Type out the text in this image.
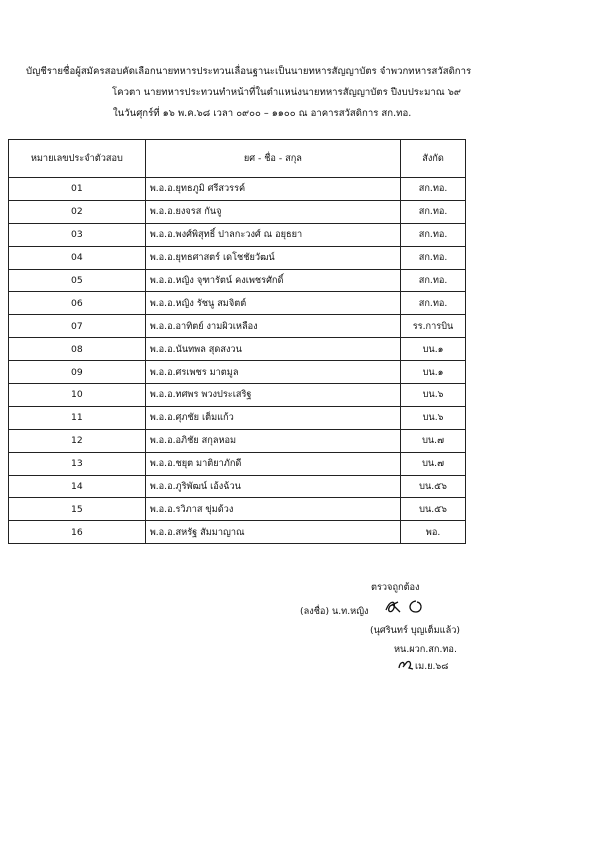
บัญชีรายชื่อผู้สมัครสอบคัดเลือกนายทหารประทวนเลื่อนฐานะเป็นนายทหารสัญญาบัตร จำพวกทหารสวัสดิการ
โควตา นายทหารประทวนทำหน้าที่ในตำแหน่งนายทหารสัญญาบัตร ปีงบประมาณ ๖๙
ในวันศุกร์ที่ ๑๖ พ.ค.๖๘ เวลา ๐๙๐๐ – ๑๑๐๐ ณ อาคารสวัสดิการ สก.ทอ.
หมายเลขประจำตัวสอบ	ยศ - ชื่อ - สกุล	สังกัด
01	พ.อ.อ.ยุทธภูมิ ศรีสวรรค์	สก.ทอ.
02	พ.อ.อ.ยงจรส กันจู	สก.ทอ.
03	พ.อ.อ.พงศ์พิสุทธิ์ ปาลกะวงศ์ ณ อยุธยา	สก.ทอ.
04	พ.อ.อ.ยุทธศาสตร์ เดโชชัยวัฒน์	สก.ทอ.
05	พ.อ.อ.หญิง จุฑารัตน์ คงเพชรศักดิ์	สก.ทอ.
06	พ.อ.อ.หญิง รัชนู สมจิตต์	สก.ทอ.
07	พ.อ.อ.อาทิตย์ งามผิวเหลือง	รร.การบิน
08	พ.อ.อ.นันทพล สุดสงวน	บน.๑
09	พ.อ.อ.ศรเพชร มาตมูล	บน.๑
10	พ.อ.อ.ทศพร พวงประเสริฐ	บน.๖
11	พ.อ.อ.ศุภชัย เต็มแก้ว	บน.๖
12	พ.อ.อ.อภิชัย สกุลหอม	บน.๗
13	พ.อ.อ.ชยุต มาติยาภักดี	บน.๗
14	พ.อ.อ.ภูริพัฒน์ เอ้งฉ้วน	บน.๕๖
15	พ.อ.อ.รวิภาส ขุ่มด้วง	บน.๕๖
16	พ.อ.อ.สหรัฐ สัมมาญาณ	พอ.
ตรวจถูกต้อง
(ลงชื่อ) น.ท.หญิง
(นุศรินทร์ บุญเต็มแล้ว)
หน.ผวก.สก.ทอ.
เม.ย.๖๘
